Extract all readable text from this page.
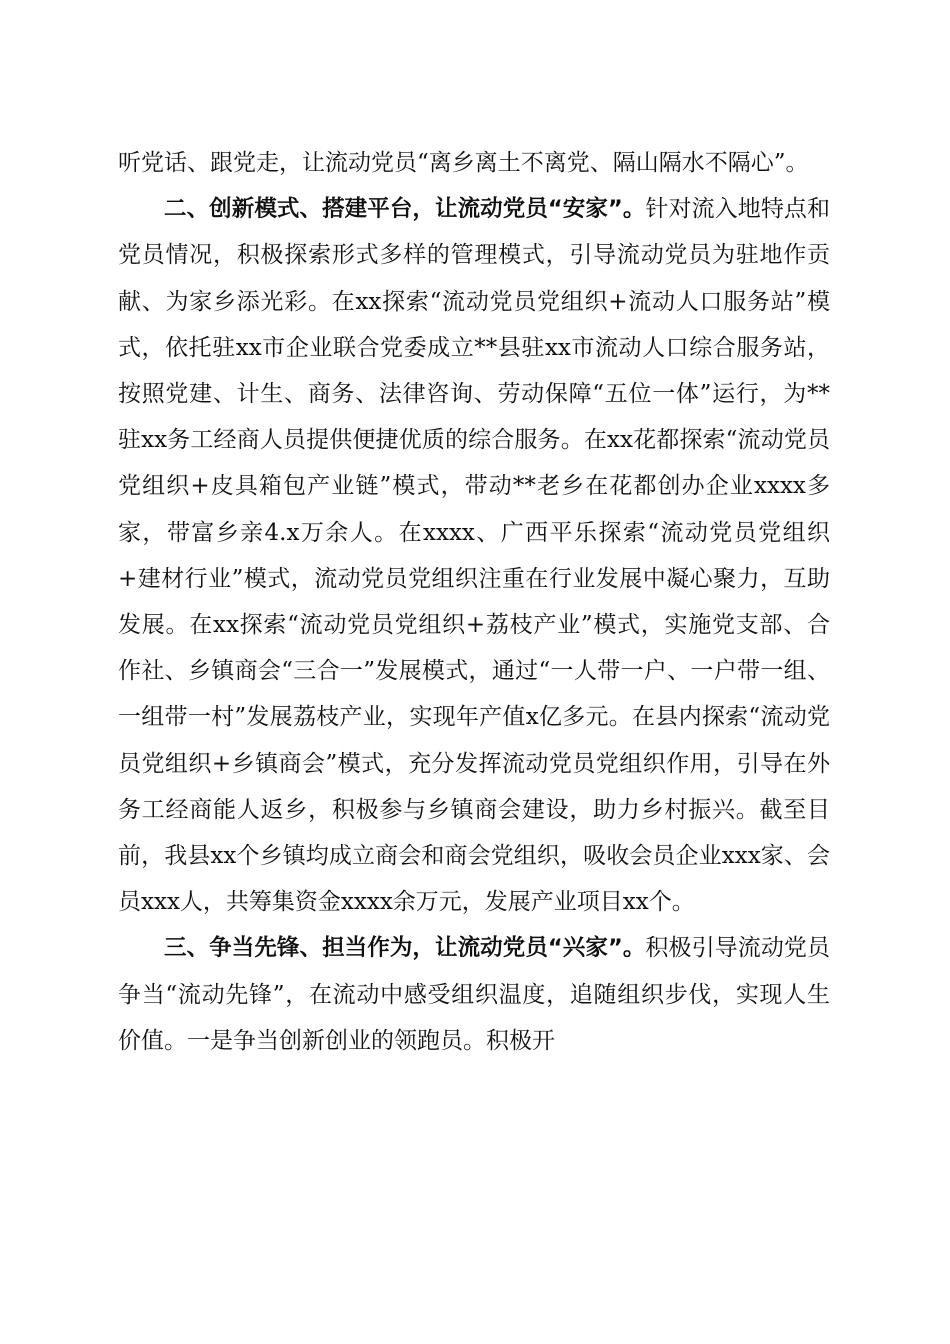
听党话、跟党走，让流动党员“离乡离土不离党、隔山隔水不隔心”。

二、创新模式、搭建平台，让流动党员“安家”。针对流入地特点和党员情况，积极探索形式多样的管理模式，引导流动党员为驻地作贡献、为家乡添光彩。在xx探索“流动党员党组织+流动人口服务站”模式，依托驻xx市企业联合党委成立**县驻xx市流动人口综合服务站，按照党建、计生、商务、法律咨询、劳动保障“五位一体”运行，为**驻xx务工经商人员提供便捷优质的综合服务。在xx花都探索“流动党员党组织+皮具箱包产业链”模式，带动**老乡在花都创办企业xxxx多家，带富乡亲4.x万余人。在xxxx、广西平乐探索“流动党员党组织+建材行业”模式，流动党员党组织注重在行业发展中凝心聚力，互助发展。在xx探索“流动党员党组织+荔枝产业”模式，实施党支部、合作社、乡镇商会“三合一”发展模式，通过“一人带一户、一户带一组、一组带一村”发展荔枝产业，实现年产值x亿多元。在县内探索“流动党员党组织+乡镇商会”模式，充分发挥流动党员党组织作用，引导在外务工经商能人返乡，积极参与乡镇商会建设，助力乡村振兴。截至目前，我县xx个乡镇均成立商会和商会党组织，吸收会员企业xxx家、会员xxx人，共筹集资金xxxx余万元，发展产业项目xx个。

三、争当先锋、担当作为，让流动党员“兴家”。积极引导流动党员争当“流动先锋”，在流动中感受组织温度，追随组织步伐，实现人生价值。一是争当创新创业的领跑员。积极开
